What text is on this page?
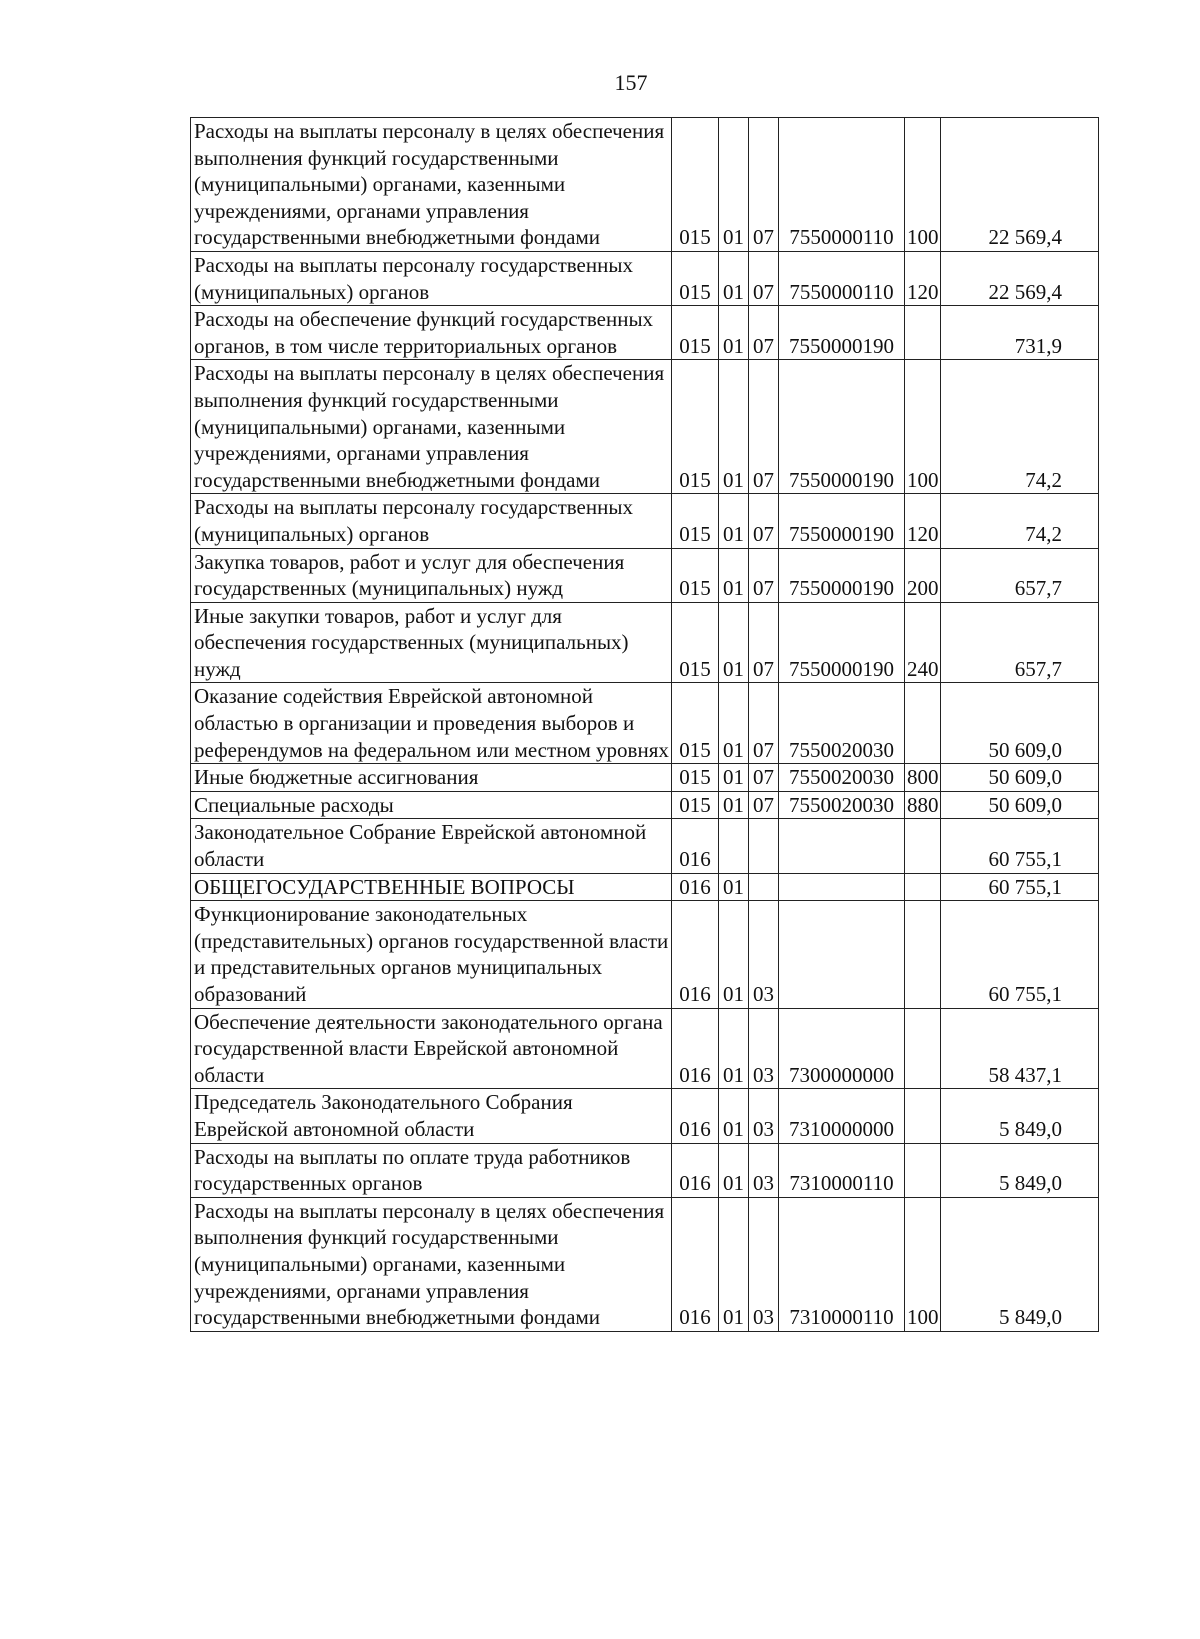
157
Расходы на выплаты персоналу в целях обеспечения выполнения функций государственными (муниципальными) органами, казенными учреждениями, органами управления государственными внебюджетными фондами	015	01	07	7550000110	100	22 569,4
Расходы на выплаты персоналу государственных (муниципальных) органов	015	01	07	7550000110	120	22 569,4
Расходы на обеспечение функций государственных органов, в том числе территориальных органов	015	01	07	7550000190		731,9
Расходы на выплаты персоналу в целях обеспечения выполнения функций государственными (муниципальными) органами, казенными учреждениями, органами управления государственными внебюджетными фондами	015	01	07	7550000190	100	74,2
Расходы на выплаты персоналу государственных (муниципальных) органов	015	01	07	7550000190	120	74,2
Закупка товаров, работ и услуг для обеспечения государственных (муниципальных) нужд	015	01	07	7550000190	200	657,7
Иные закупки товаров, работ и услуг для обеспечения государственных (муниципальных) нужд	015	01	07	7550000190	240	657,7
Оказание содействия Еврейской автономной областью в организации и проведения выборов и референдумов на федеральном или местном уровнях	015	01	07	7550020030		50 609,0
Иные бюджетные ассигнования	015	01	07	7550020030	800	50 609,0
Специальные расходы	015	01	07	7550020030	880	50 609,0
Законодательное Собрание Еврейской автономной области	016					60 755,1
ОБЩЕГОСУДАРСТВЕННЫЕ ВОПРОСЫ	016	01				60 755,1
Функционирование законодательных (представительных) органов государственной власти и представительных органов муниципальных образований	016	01	03			60 755,1
Обеспечение деятельности законодательного органа государственной власти Еврейской автономной области	016	01	03	7300000000		58 437,1
Председатель Законодательного Собрания Еврейской автономной области	016	01	03	7310000000		5 849,0
Расходы на выплаты по оплате труда работников государственных органов	016	01	03	7310000110		5 849,0
Расходы на выплаты персоналу в целях обеспечения выполнения функций государственными (муниципальными) органами, казенными учреждениями, органами управления государственными внебюджетными фондами	016	01	03	7310000110	100	5 849,0
